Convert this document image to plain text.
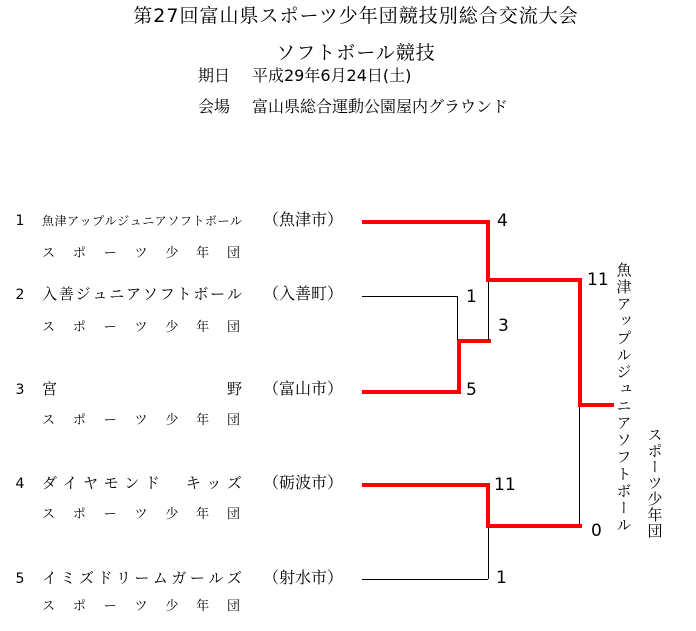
第27回富山県スポーツ少年団競技別総合交流大会
ソフトボール競技
期日 平成29年6月24日(土)
会場 富山県総合運動公園屋内グラウンド
1 魚 津 ア ッ プ ル ジ ュ ニ ア ソ フ ト ボ ー ル （魚津市）
ス ポ ー ツ 少 年 団
2 入 善 ジ ュ ニ ア ソ フ ト ボ ー ル （入善町）
ス ポ ー ツ 少 年 団
3 宮	野 （富山市）
ス ポ ー ツ 少 年 団
4 ダ イ ヤ モ ン ド
　 キ ッ ズ （砺波市）
ス ポ ー ツ 少 年 団
5 イ ミ ズ ド リ ー ム ガ ー ル ズ （射水市）
ス ポ ー ツ 少 年 団
4
1
3
5
11
11
0
1
魚津アップルジュニアソフトボール スポーツ少年団
